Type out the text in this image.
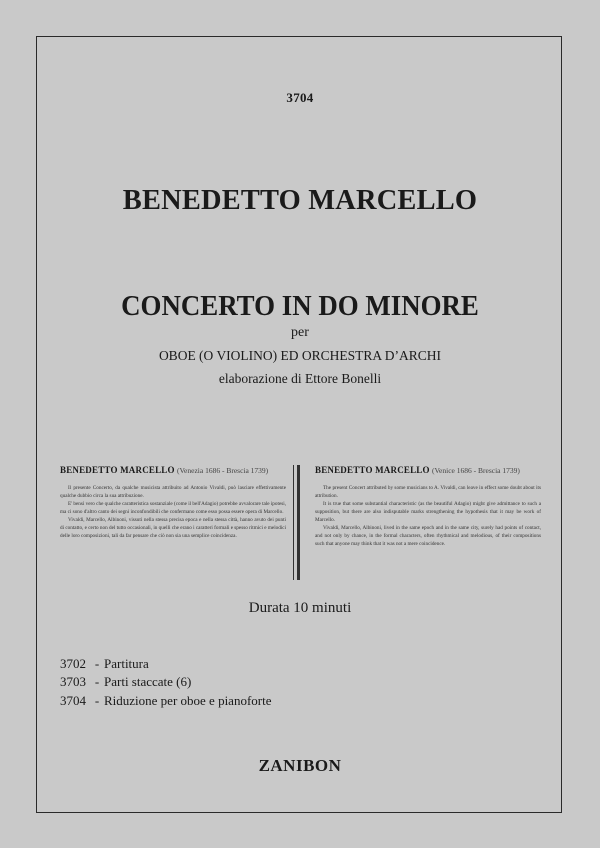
3704
BENEDETTO MARCELLO
CONCERTO IN DO MINORE
per
OBOE (O VIOLINO) ED ORCHESTRA D’ARCHI
elaborazione di Ettore Bonelli
BENEDETTO MARCELLO (Venezia 1686 - Brescia 1739)

Il presente Concerto, da qualche musicista attribuito ad Antonio Vivaldi, può lasciare effettivamente qualche dubbio circa la sua attribuzione.

E' bensì vero che qualche caratteristica sostanziale (come il bell'Adagio) potrebbe avvalorare tale ipotesi, ma ci sono d'altro canto dei segni inconfondibili che confermano come esso possa essere opera di Marcello.

Vivaldi, Marcello, Albinoni, vissuti nella stessa precisa epoca e nella stessa città, hanno avuto dei punti di contatto, e certo non del tutto occasionali, in quelli che erano i caratteri formali e spesso ritmici e melodici delle loro composizioni, tali da far pensare che ciò non sia una semplice coincidenza.

BENEDETTO MARCELLO (Venice 1686 - Brescia 1739)

The present Concert attributed by some musicians to A. Vivaldi, can leave in effect some doubt about its attribution.

It is true that some substantial characteristic (as the beautiful Adagio) might give admittance to such a supposition, but there are also indisputable marks strengthening the hypothesis that it may be work of Marcello.

Vivaldi, Marcello, Albinoni, lived in the same epoch and in the same city, surely had points of contact, and not only by chance, in the formal characters, often rhythmical and melodious, of their compositions such that anyone may think that it was not a mere coincidence.

Durata 10 minuti
3702 - Partitura
3703 - Parti staccate (6)
3704 - Riduzione per oboe e pianoforte
ZANIBON
